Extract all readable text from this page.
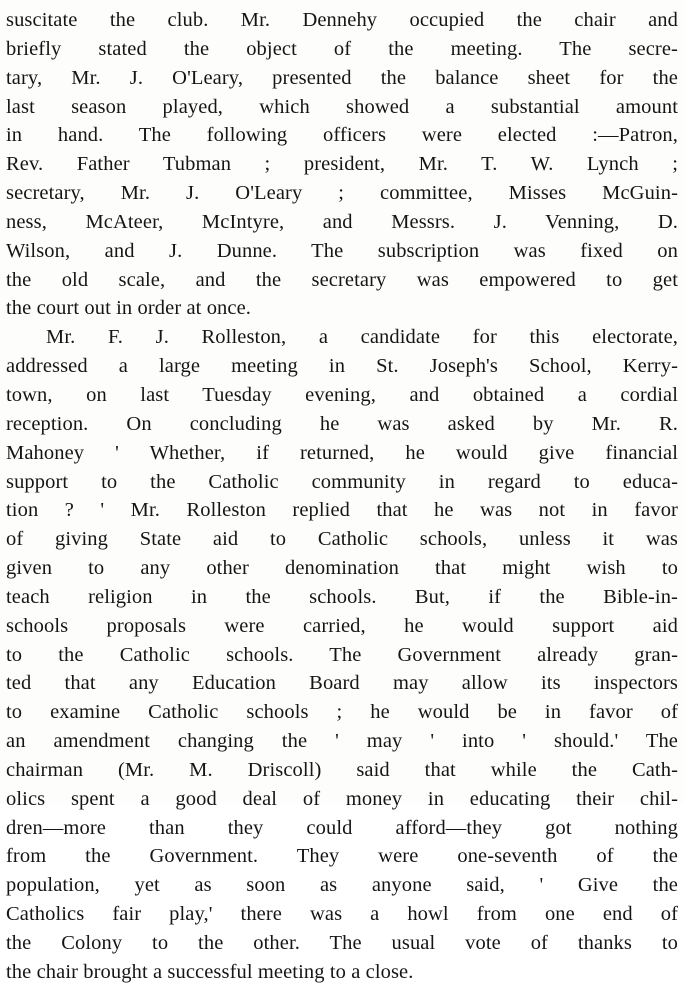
suscitate the club. Mr. Dennehy occupied the chair and
briefly stated the object of the meeting. The secre-
tary, Mr. J. O'Leary, presented the balance sheet for the
last season played, which showed a substantial amount
in hand. The following officers were elected :—Patron,
Rev. Father Tubman ; president, Mr. T. W. Lynch ;
secretary, Mr. J. O'Leary ; committee, Misses McGuin-
ness, McAteer, McIntyre, and Messrs. J. Venning, D.
Wilson, and J. Dunne. The subscription was fixed on
the old scale, and the secretary was empowered to get
the court out in order at once.
Mr. F. J. Rolleston, a candidate for this electorate,
addressed a large meeting in St. Joseph's School, Kerry-
town, on last Tuesday evening, and obtained a cordial
reception. On concluding he was asked by Mr. R.
Mahoney ' Whether, if returned, he would give financial
support to the Catholic community in regard to educa-
tion ? ' Mr. Rolleston replied that he was not in favor
of giving State aid to Catholic schools, unless it was
given to any other denomination that might wish to
teach religion in the schools. But, if the Bible-in-
schools proposals were carried, he would support aid
to the Catholic schools. The Government already gran-
ted that any Education Board may allow its inspectors
to examine Catholic schools ; he would be in favor of
an amendment changing the ' may ' into ' should.' The
chairman (Mr. M. Driscoll) said that while the Cath-
olics spent a good deal of money in educating their chil-
dren—more than they could afford—they got nothing
from the Government. They were one-seventh of the
population, yet as soon as anyone said, ' Give the
Catholics fair play,' there was a howl from one end of
the Colony to the other. The usual vote of thanks to
the chair brought a successful meeting to a close.
